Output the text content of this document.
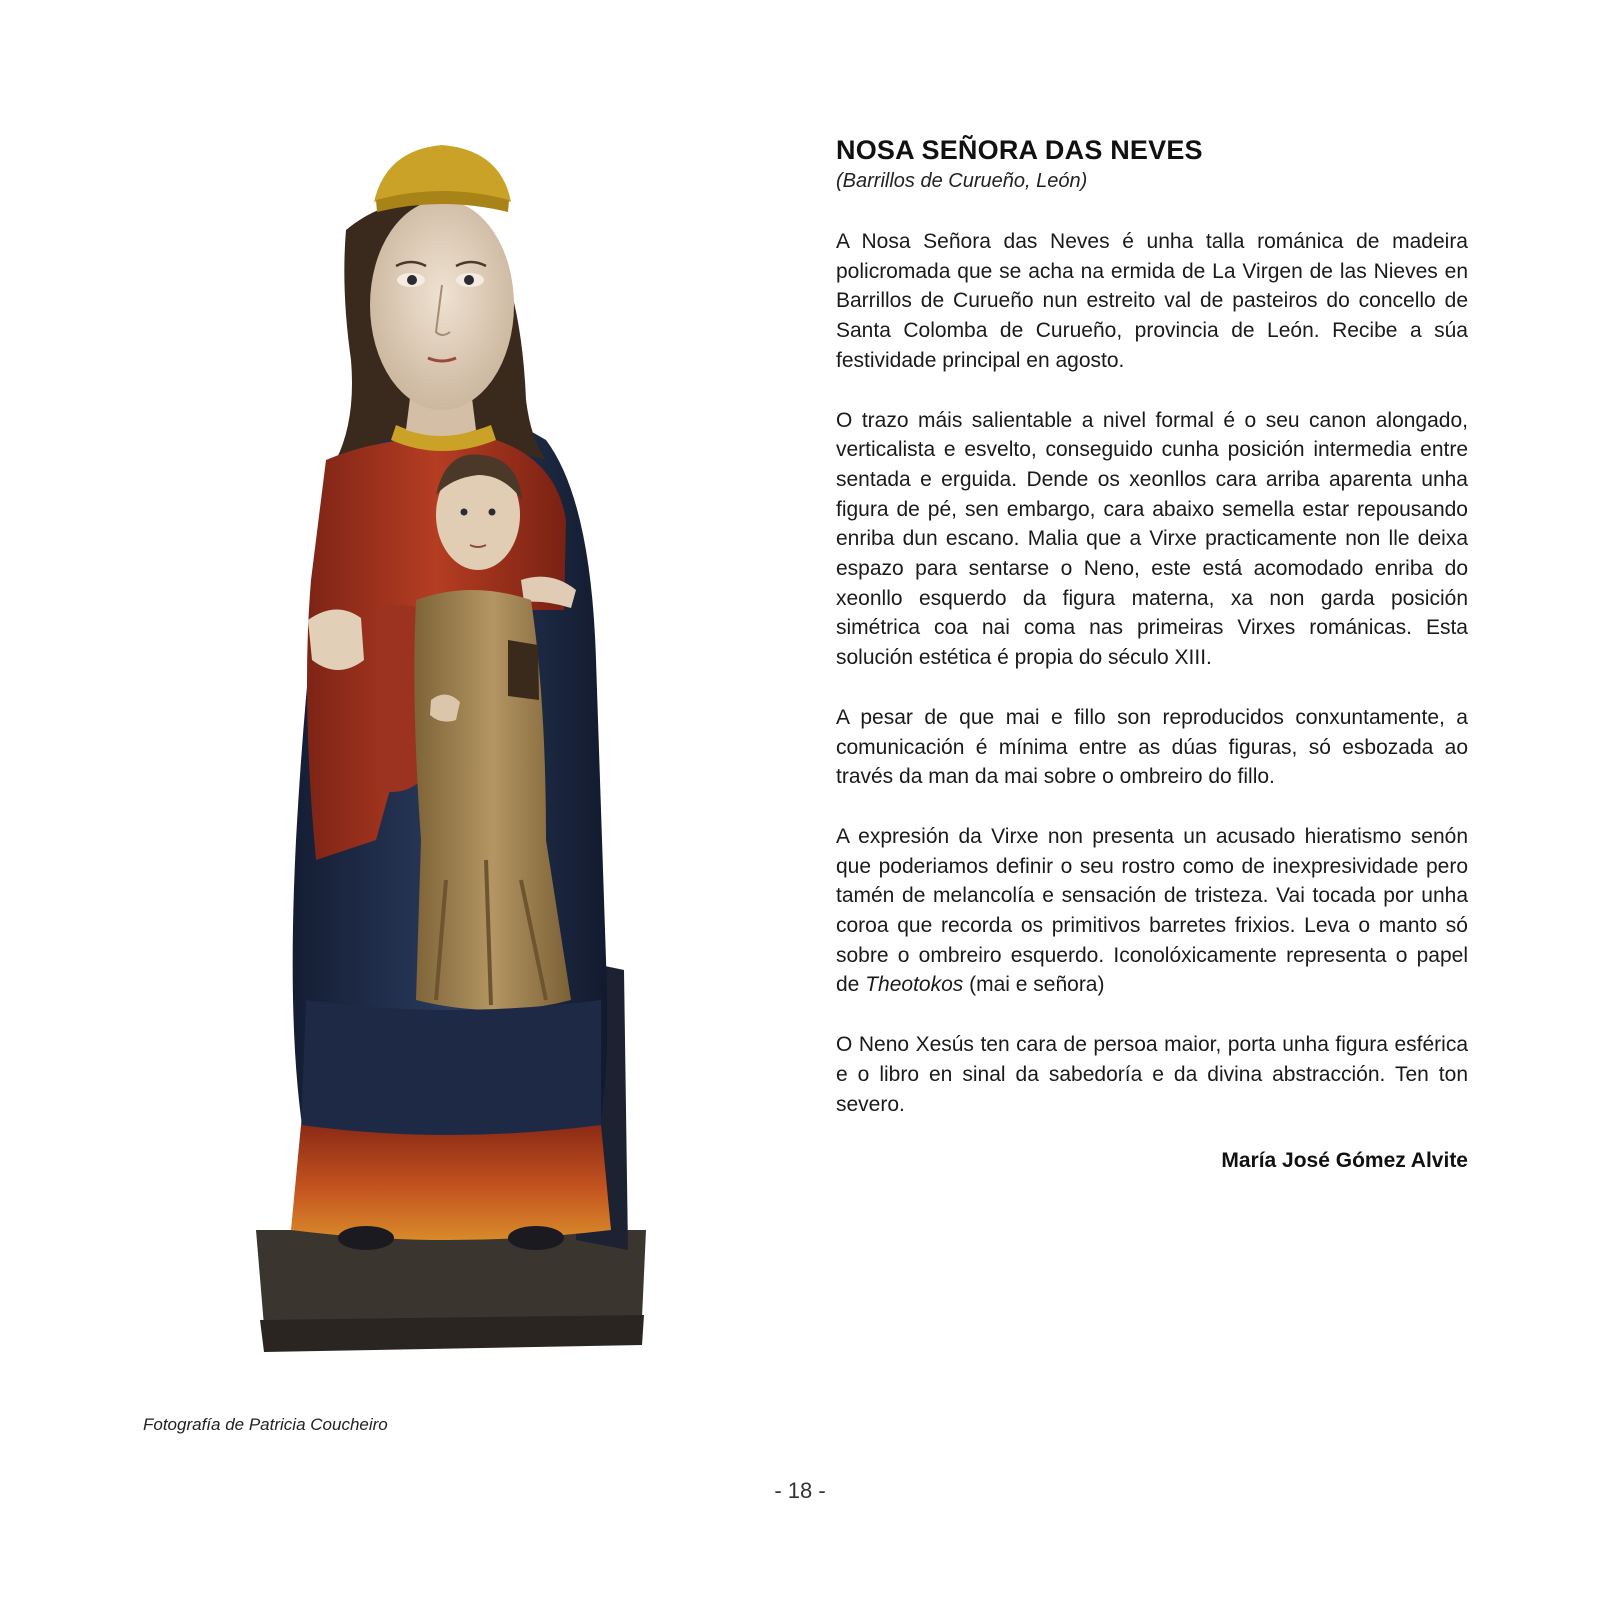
Fotografía de Patricia Coucheiro
NOSA SEÑORA DAS NEVES

(Barrillos de Curueño, León)

A Nosa Señora das Neves é unha talla románica de madeira policromada que se acha na ermida de La Virgen de las Nieves en Barrillos de Curueño nun estreito val de pasteiros do concello de Santa Colomba de Curueño, provincia de León. Recibe a súa festividade principal en agosto.

O trazo máis salientable a nivel formal é o seu canon alongado, verticalista e esvelto, conseguido cunha posición intermedia entre sentada e erguida. Dende os xeonllos cara arriba aparenta unha figura de pé, sen embargo, cara abaixo semella estar repousando enriba dun escano. Malia que a Virxe practicamente non lle deixa espazo para sentarse o Neno, este está acomodado enriba do xeonllo esquerdo da figura materna, xa non garda posición simétrica coa nai coma nas primeiras Virxes románicas. Esta solución estética é propia do século XIII.

A pesar de que mai e fillo son reproducidos conxuntamente, a comunicación é mínima entre as dúas figuras, só esbozada ao través da man da mai sobre o ombreiro do fillo.

A expresión da Virxe non presenta un acusado hieratismo senón que poderiamos definir o seu rostro como de inexpresividade pero tamén de melancolía e sensación de tristeza. Vai tocada por unha coroa que recorda os primitivos barretes frixios. Leva o manto só sobre o ombreiro esquerdo. Iconolóxicamente representa o papel de Theotokos (mai e señora)

O Neno Xesús ten cara de persoa maior, porta unha figura esférica e o libro en sinal da sabedoría e da divina abstracción. Ten ton severo.

María José Gómez Alvite

- 18 -
